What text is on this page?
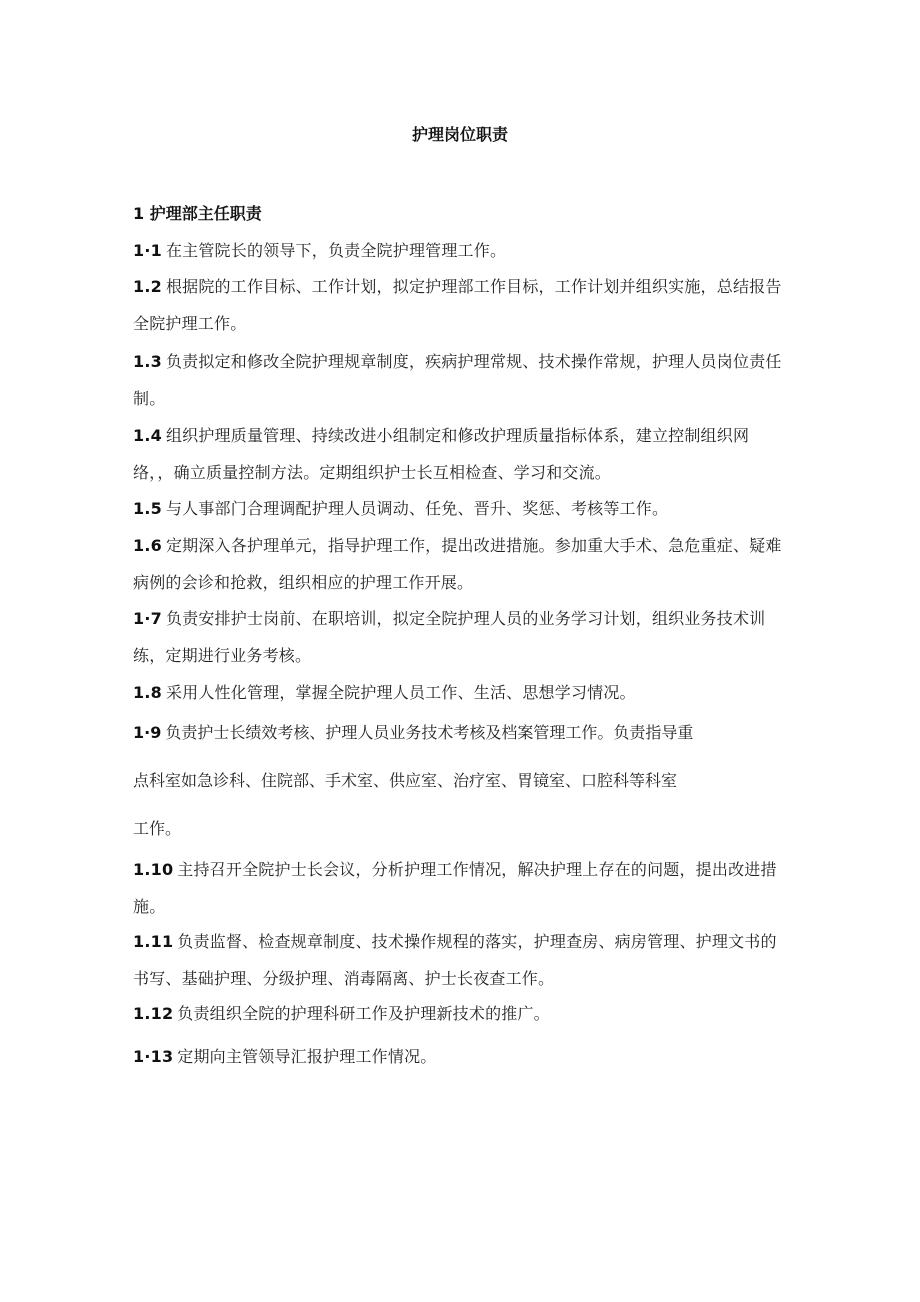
护理岗位职责
1 护理部主任职责
1·1 在主管院长的领导下，负责全院护理管理工作。
1.2 根据院的工作目标、工作计划，拟定护理部工作目标，工作计划并组织实施，总结报告全院护理工作。
1.3 负责拟定和修改全院护理规章制度，疾病护理常规、技术操作常规，护理人员岗位责任制。
1.4 组织护理质量管理、持续改进小组制定和修改护理质量指标体系，建立控制组织网络，，确立质量控制方法。定期组织护士长互相检查、学习和交流。
1.5 与人事部门合理调配护理人员调动、任免、晋升、奖惩、考核等工作。
1.6 定期深入各护理单元，指导护理工作，提出改进措施。参加重大手术、急危重症、疑难病例的会诊和抢救，组织相应的护理工作开展。
1·7 负责安排护士岗前、在职培训，拟定全院护理人员的业务学习计划，组织业务技术训练，定期进行业务考核。
1.8 采用人性化管理，掌握全院护理人员工作、生活、思想学习情况。
1·9 负责护士长绩效考核、护理人员业务技术考核及档案管理工作。负责指导重
点科室如急诊科、住院部、手术室、供应室、治疗室、胃镜室、口腔科等科室
工作。
1.10 主持召开全院护士长会议，分析护理工作情况，解决护理上存在的问题，提出改进措施。
1.11 负责监督、检查规章制度、技术操作规程的落实，护理查房、病房管理、护理文书的书写、基础护理、分级护理、消毒隔离、护士长夜查工作。
1.12 负责组织全院的护理科研工作及护理新技术的推广。
1·13 定期向主管领导汇报护理工作情况。
